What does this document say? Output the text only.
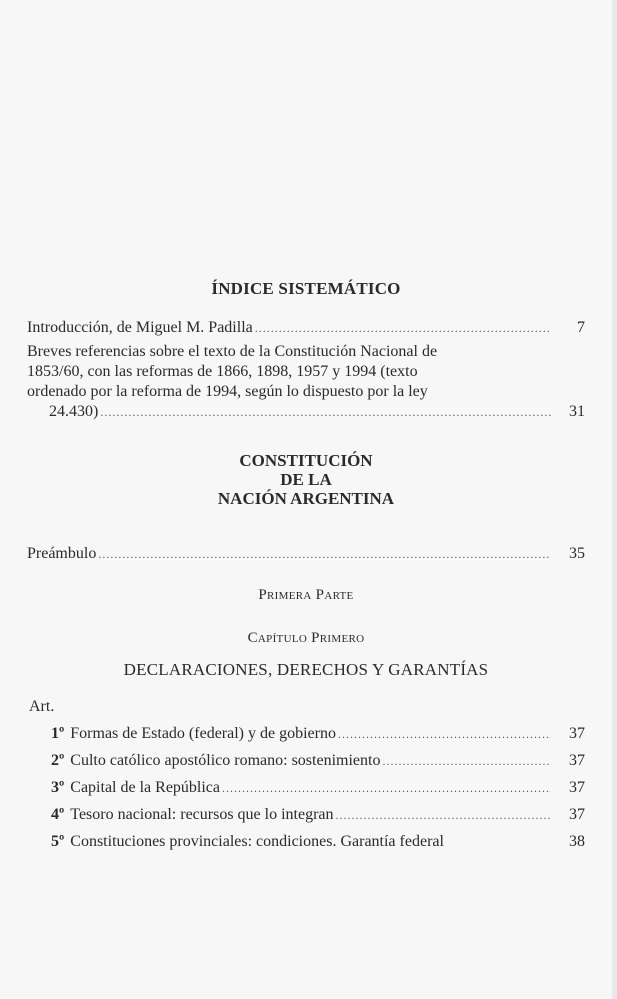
ÍNDICE SISTEMÁTICO
Introducción, de Miguel M. Padilla .....	7
Breves referencias sobre el texto de la Constitución Nacional de
1853/60, con las reformas de 1866, 1898, 1957 y 1994 (texto
ordenado por la reforma de 1994, según lo dispuesto por la ley
24.430) .....	31
CONSTITUCIÓN
DE LA
NACIÓN ARGENTINA
Preámbulo .....	35
Primera Parte
Capítulo Primero
DECLARACIONES, DERECHOS Y GARANTÍAS
Art.
1º Formas de Estado (federal) y de gobierno .....	37
2º Culto católico apostólico romano: sostenimiento .....	37
3º Capital de la República .....	37
4º Tesoro nacional: recursos que lo integran .....	37
5º Constituciones provinciales: condiciones. Garantía federal	38
